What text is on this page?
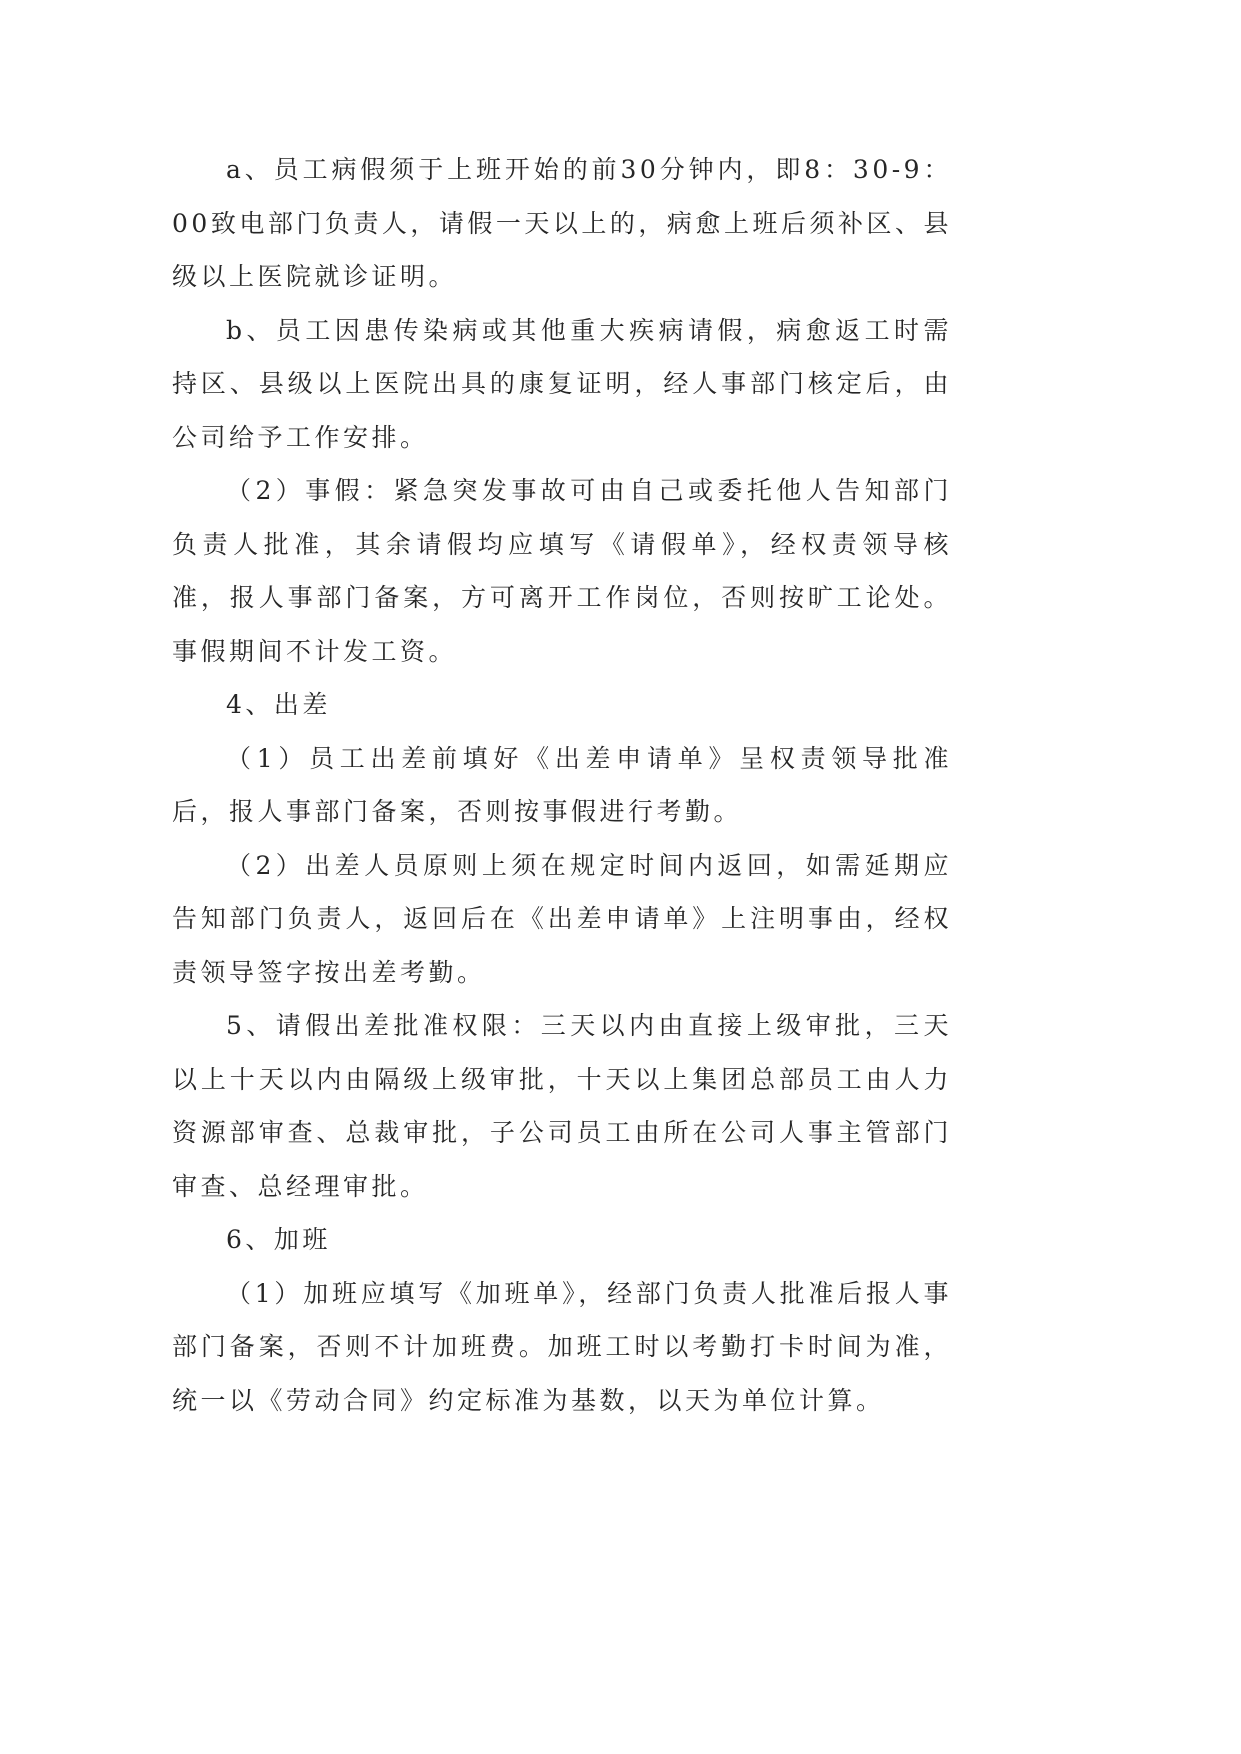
a、员工病假须于上班开始的前30分钟内，即8：30-9：00致电部门负责人，请假一天以上的，病愈上班后须补区、县级以上医院就诊证明。

b、员工因患传染病或其他重大疾病请假，病愈返工时需持区、县级以上医院出具的康复证明，经人事部门核定后，由公司给予工作安排。

（2）事假：紧急突发事故可由自己或委托他人告知部门负责人批准，其余请假均应填写《请假单》，经权责领导核准，报人事部门备案，方可离开工作岗位，否则按旷工论处。事假期间不计发工资。

4、出差

（1）员工出差前填好《出差申请单》呈权责领导批准后，报人事部门备案，否则按事假进行考勤。

（2）出差人员原则上须在规定时间内返回，如需延期应告知部门负责人，返回后在《出差申请单》上注明事由，经权责领导签字按出差考勤。

5、请假出差批准权限：三天以内由直接上级审批，三天以上十天以内由隔级上级审批，十天以上集团总部员工由人力资源部审查、总裁审批，子公司员工由所在公司人事主管部门审查、总经理审批。

6、加班

（1）加班应填写《加班单》，经部门负责人批准后报人事部门备案，否则不计加班费。加班工时以考勤打卡时间为准，统一以《劳动合同》约定标准为基数，以天为单位计算。
